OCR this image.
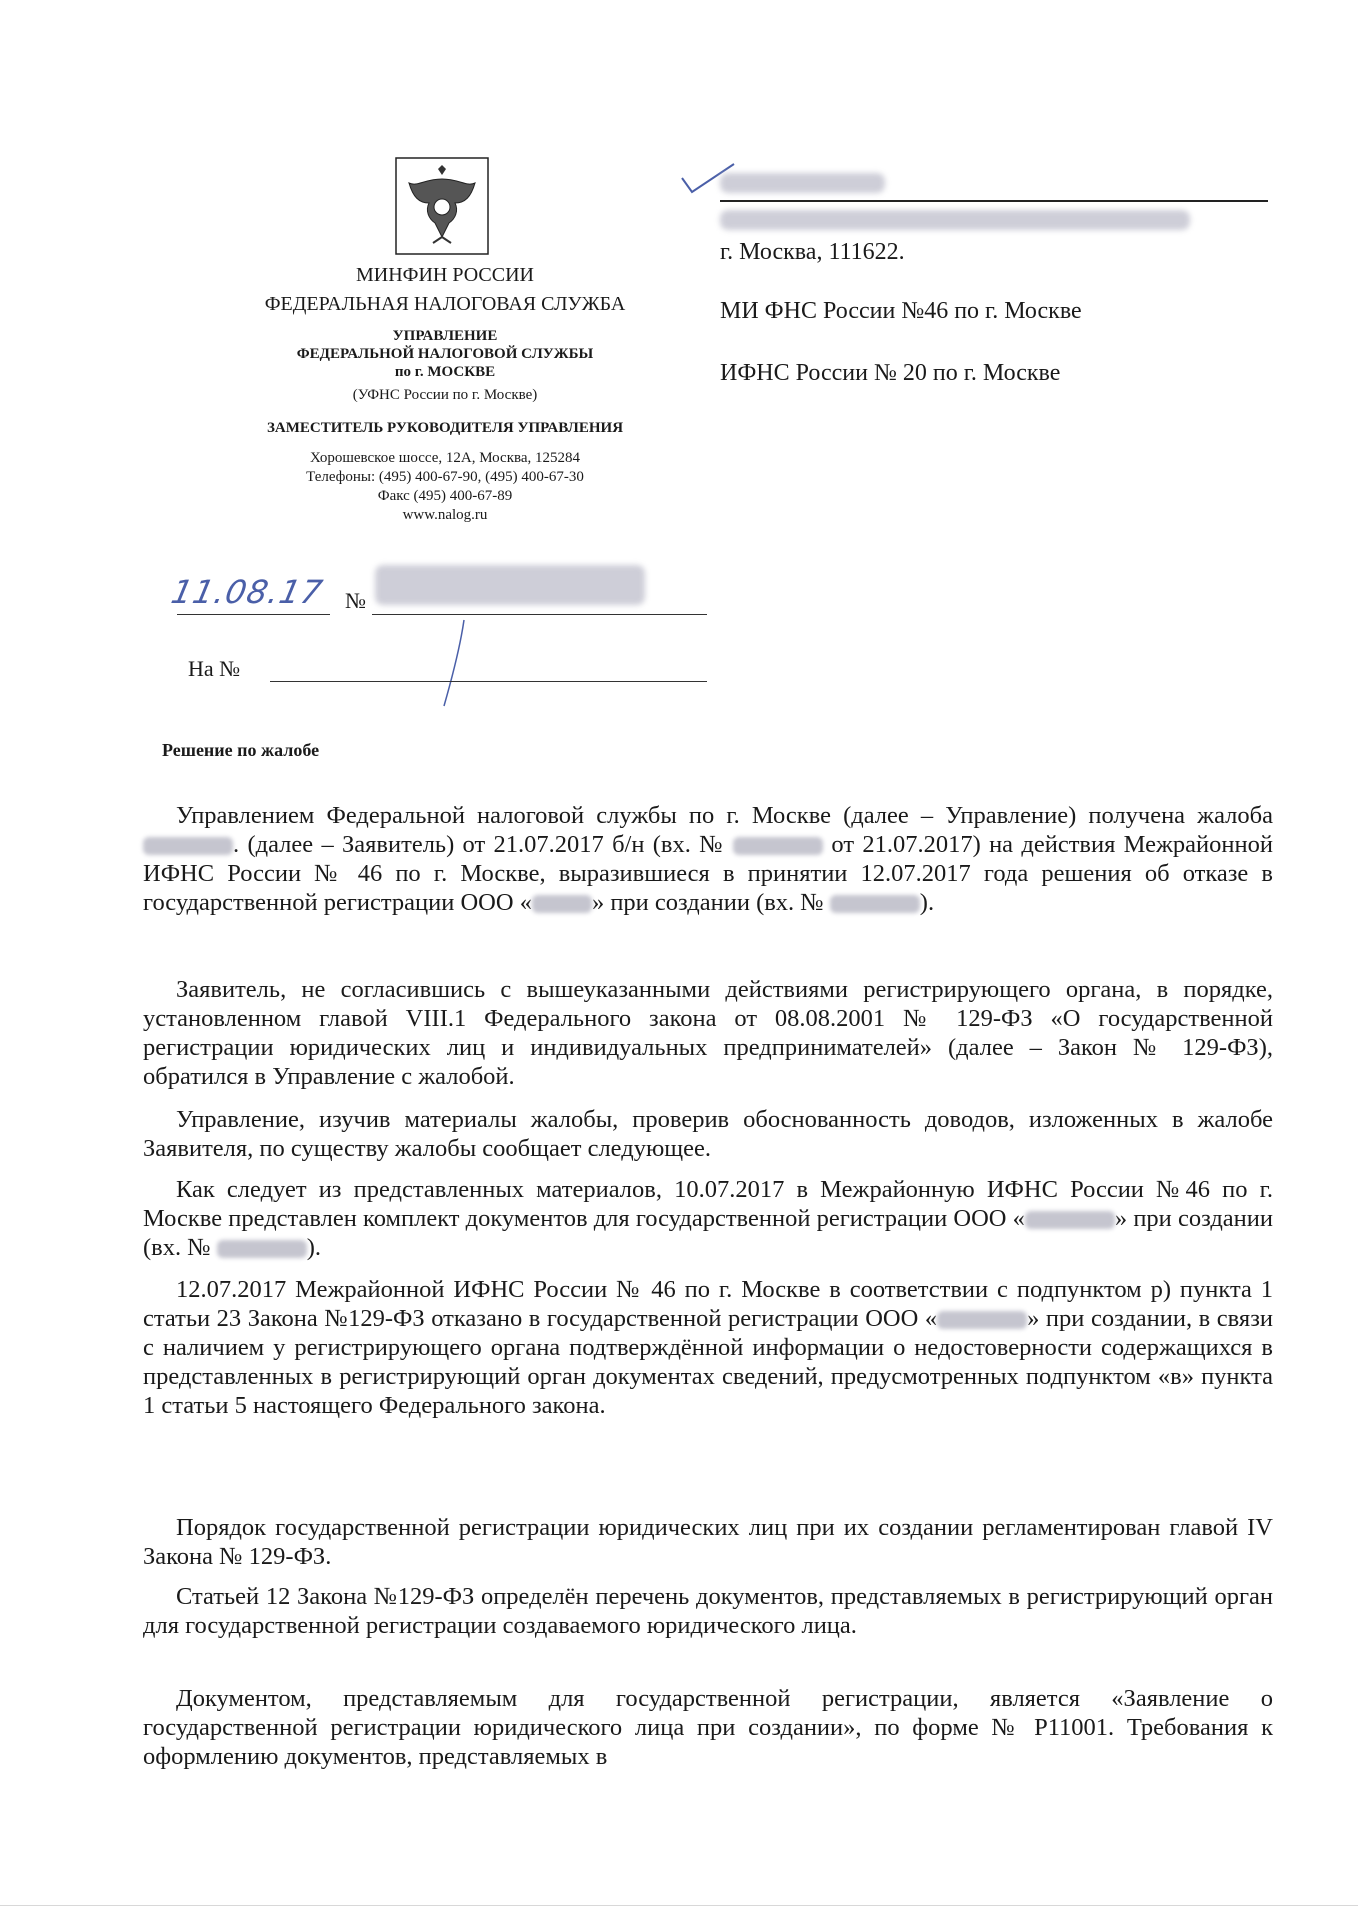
МИНФИН РОССИИ
ФЕДЕРАЛЬНАЯ НАЛОГОВАЯ СЛУЖБА
УПРАВЛЕНИЕ
ФЕДЕРАЛЬНОЙ НАЛОГОВОЙ СЛУЖБЫ
по г. МОСКВЕ
(УФНС России по г. Москве)
ЗАМЕСТИТЕЛЬ РУКОВОДИТЕЛЯ УПРАВЛЕНИЯ
Хорошевское шоссе, 12А, Москва, 125284
Телефоны: (495) 400-67-90, (495) 400-67-30
Факс (495) 400-67-89
www.nalog.ru
г. Москва, 111622.
МИ ФНС России №46 по г. Москве
ИФНС России № 20 по г. Москве
11.08.17 №
На №
Решение по жалобе

Управлением Федеральной налоговой службы по г. Москве (далее – Управление) получена жалоба . (далее – Заявитель) от 21.07.2017 б/н (вх. №	от 21.07.2017) на действия Межрайонной ИФНС России № 46 по г. Москве, выразившиеся в принятии 12.07.2017 года решения об отказе в государственной регистрации ООО « » при создании (вх. №	).

Заявитель, не согласившись с вышеуказанными действиями регистрирующего органа, в порядке, установленном главой VIII.1 Федерального закона от 08.08.2001 № 129-ФЗ «О государственной регистрации юридических лиц и индивидуальных предпринимателей» (далее – Закон № 129-ФЗ), обратился в Управление с жалобой.

Управление, изучив материалы жалобы, проверив обоснованность доводов, изложенных в жалобе Заявителя, по существу жалобы сообщает следующее.

Как следует из представленных материалов, 10.07.2017 в Межрайонную ИФНС России №46 по г. Москве представлен комплект документов для государственной регистрации ООО «	» при создании (вх. №	).

12.07.2017 Межрайонной ИФНС России № 46 по г. Москве в соответствии с подпунктом р) пункта 1 статьи 23 Закона №129-ФЗ отказано в государственной регистрации ООО «	» при создании, в связи с наличием у регистрирующего органа подтверждённой информации о недостоверности содержащихся в представленных в регистрирующий орган документах сведений, предусмотренных подпунктом «в» пункта 1 статьи 5 настоящего Федерального закона.

Порядок государственной регистрации юридических лиц при их создании регламентирован главой IV Закона № 129-ФЗ.

Статьей 12 Закона №129-ФЗ определён перечень документов, представляемых в регистрирующий орган для государственной регистрации создаваемого юридического лица.

Документом, представляемым для государственной регистрации, является «Заявление о государственной регистрации юридического лица при создании», по форме № Р11001. Требования к оформлению документов, представляемых в
